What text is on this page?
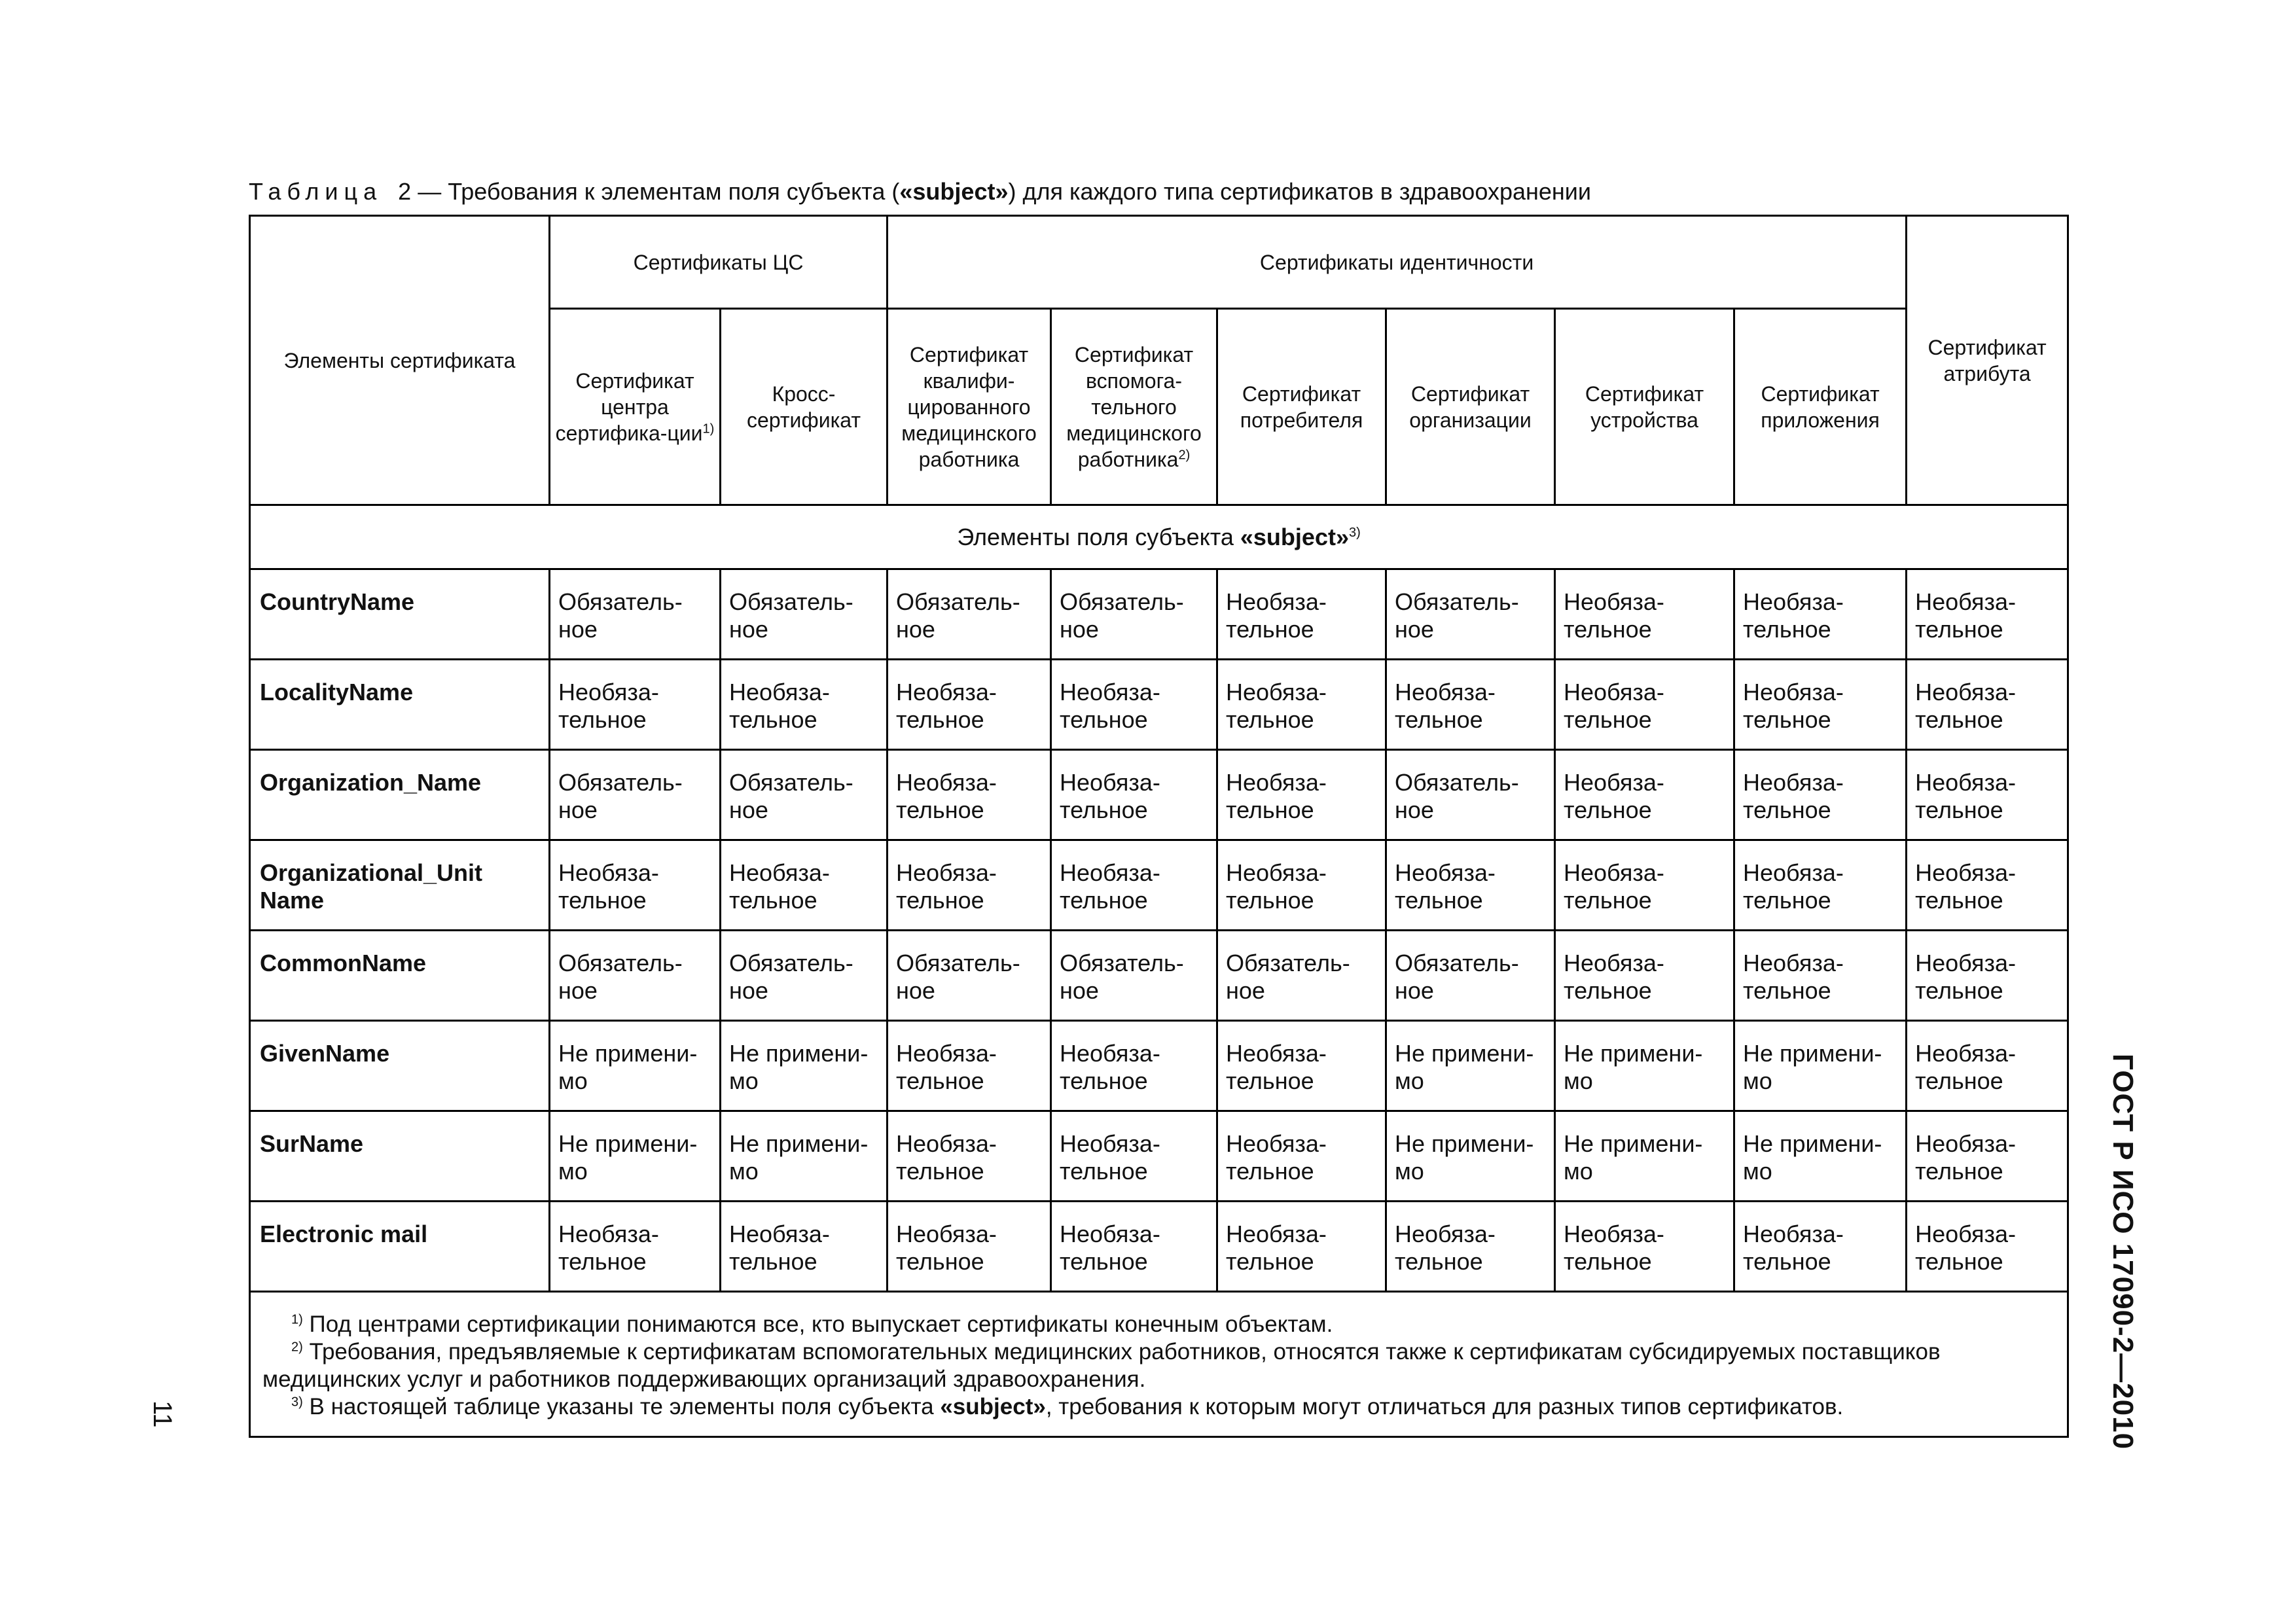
Таблица 2 — Требования к элементам поля субъекта («subject») для каждого типа сертификатов в здравоохранении
Элементы сертификата	Сертификаты ЦС		Сертификаты идентичности						Сертификат атрибута
	Сертификат центра сертифика-ции$^{1)}$	Кросс-сертификат	Сертификат квалифи-цированного медицинского работника	Сертификат вспомога-тельного медицинского работника$^{2)}$	Сертификат потребителя	Сертификат организации	Сертификат устройства	Сертификат приложения	
Элементы поля субъекта «subject»$^{3)}$
CountryName	Обязатель-ное	Обязатель-ное	Обязатель-ное	Обязатель-ное	Необяза-тельное	Обязатель-ное	Необяза-тельное	Необяза-тельное	Необяза-тельное
LocalityName	Необяза-тельное	Необяза-тельное	Необяза-тельное	Необяза-тельное	Необяза-тельное	Необяза-тельное	Необяза-тельное	Необяза-тельное	Необяза-тельное
Organization_Name	Обязатель-ное	Обязатель-ное	Необяза-тельное	Необяза-тельное	Необяза-тельное	Обязатель-ное	Необяза-тельное	Необяза-тельное	Необяза-тельное
Organizational_Unit Name	Необяза-тельное	Необяза-тельное	Необяза-тельное	Необяза-тельное	Необяза-тельное	Необяза-тельное	Необяза-тельное	Необяза-тельное	Необяза-тельное
CommonName	Обязатель-ное	Обязатель-ное	Обязатель-ное	Обязатель-ное	Обязатель-ное	Обязатель-ное	Необяза-тельное	Необяза-тельное	Необяза-тельное
GivenName	Не примени-мо	Не примени-мо	Необяза-тельное	Необяза-тельное	Необяза-тельное	Не примени-мо	Не примени-мо	Не примени-мо	Необяза-тельное
SurName	Не примени-мо	Не примени-мо	Необяза-тельное	Необяза-тельное	Необяза-тельное	Не примени-мо	Не примени-мо	Не примени-мо	Необяза-тельное
Electronic mail	Необяза-тельное	Необяза-тельное	Необяза-тельное	Необяза-тельное	Необяза-тельное	Необяза-тельное	Необяза-тельное	Необяза-тельное	Необяза-тельное

$^{1)}$ Под центрами сертификации понимаются все, кто выпускает сертификаты конечным объектам.

$^{2)}$ Требования, предъявляемые к сертификатам вспомогательных медицинских работников, относятся также к сертификатам субсидируемых поставщиков медицинских услуг и работников поддерживающих организаций здравоохранения.

$^{3)}$ В настоящей таблице указаны те элементы поля субъекта «subject», требования к которым могут отличаться для разных типов сертификатов.										ГОСТ Р ИСО 17090-2—2010
11
